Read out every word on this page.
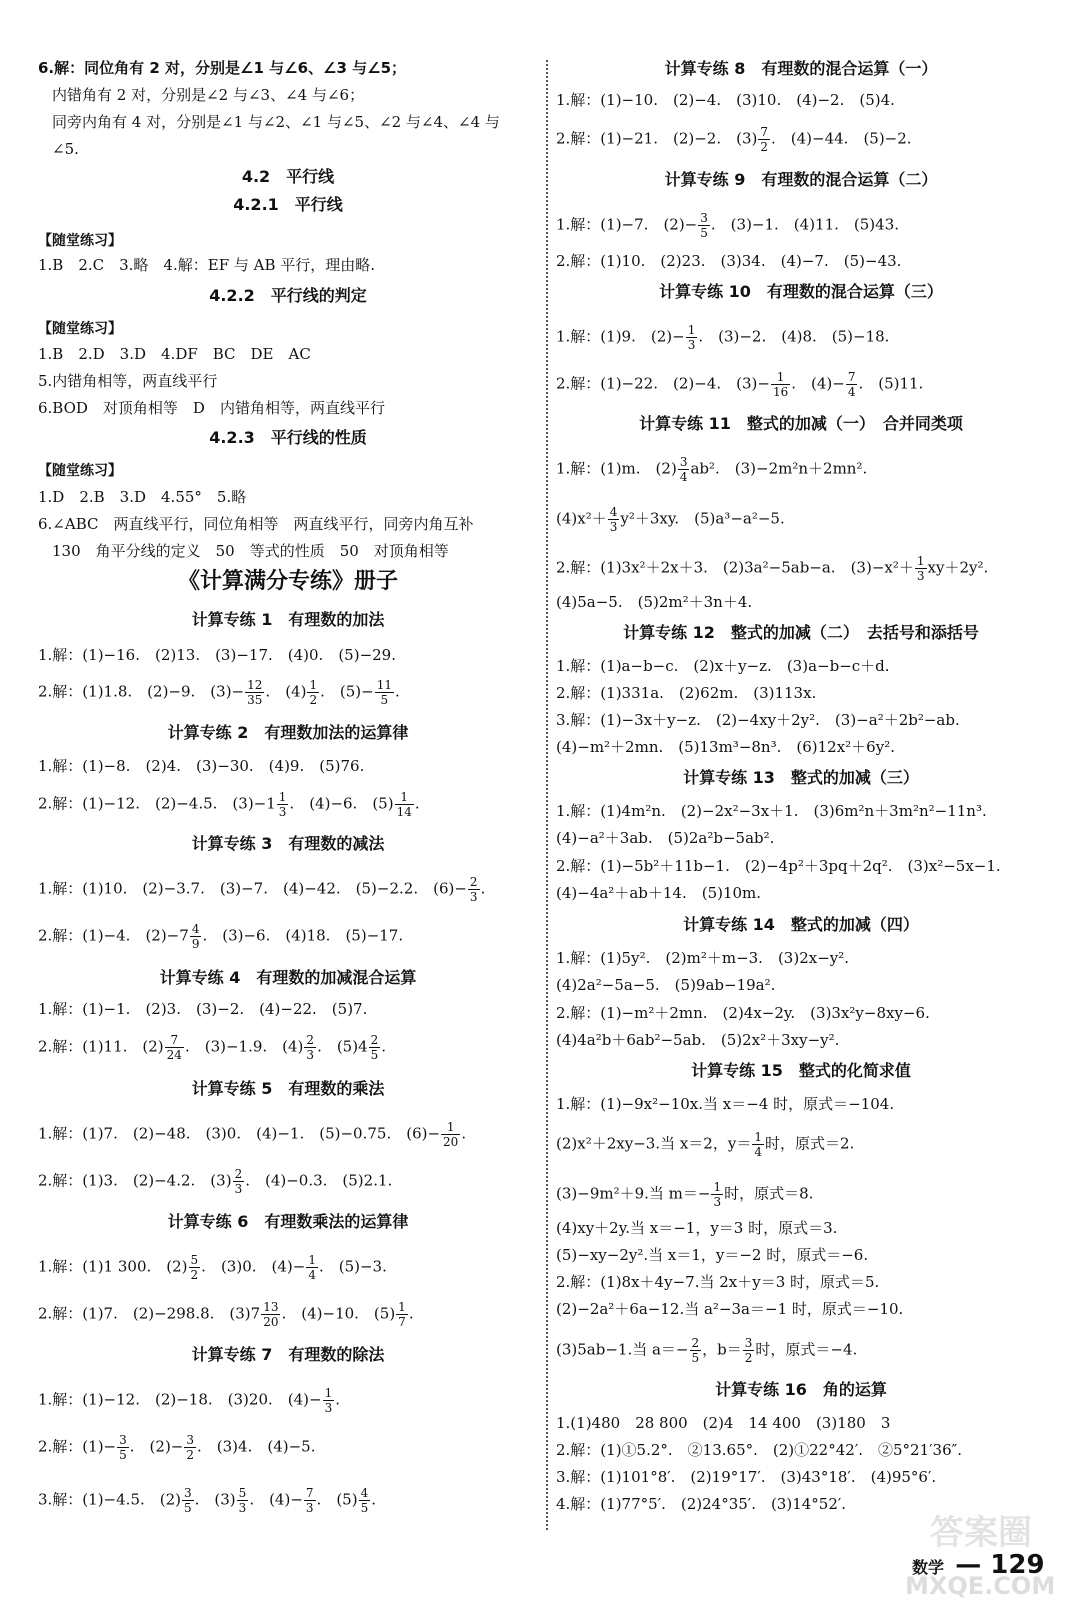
6.解：同位角有 2 对，分别是∠1 与∠6、∠3 与∠5；
内错角有 2 对，分别是∠2 与∠3、∠4 与∠6；
同旁内角有 4 对，分别是∠1 与∠2、∠1 与∠5、∠2 与∠4、∠4 与
∠5.
4.2　平行线
4.2.1　平行线
【随堂练习】
1.B　2.C　3.略　4.解：EF 与 AB 平行，理由略.
4.2.2　平行线的判定
【随堂练习】
1.B　2.D　3.D　4.DF　BC　DE　AC
5.内错角相等，两直线平行
6.BOD　对顶角相等　D　内错角相等，两直线平行
4.2.3　平行线的性质
【随堂练习】
1.D　2.B　3.D　4.55°　5.略
6.∠ABC　两直线平行，同位角相等　两直线平行，同旁内角互补
130　角平分线的定义　50　等式的性质　50　对顶角相等
《计算满分专练》册子
计算专练 1　有理数的加法
1.解：(1)−16.　(2)13.　(3)−17.　(4)0.　(5)−29.
2.解：(1)1.8.　(2)−9.　$(3)- \frac{12}{35}$ .　$(4) \frac{1}{2}$ .　$(5)- \frac{11}{5}$ .
计算专练 2　有理数加法的运算律
1.解：(1)−8.　(2)4.　(3)−30.　(4)9.　(5)76.
2.解：(1)−12.　(2)−4.5.　$(3)-1 \frac{1}{3}$ .　(4)−6.　$(5) \frac{1}{14}$ .
计算专练 3　有理数的减法
1.解：(1)10.　(2)−3.7.　(3)−7.　(4)−42.　(5)−2.2.　$(6)- \frac{2}{3}$ .
2.解：(1)−4.　$(2)-7 \frac{4}{9}$ .　(3)−6.　(4)18.　(5)−17.
计算专练 4　有理数的加减混合运算
1.解：(1)−1.　(2)3.　(3)−2.　(4)−22.　(5)7.
2.解：(1)11.　$(2) \frac{7}{24}$ .　(3)−1.9.　$(4) \frac{2}{3}$ .　$(5)4 \frac{2}{5}$ .
计算专练 5　有理数的乘法
1.解：(1)7.　(2)−48.　(3)0.　(4)−1.　(5)−0.75.　$(6)- \frac{1}{20}$ .
2.解：(1)3.　(2)−4.2.　$(3) \frac{2}{3}$ .　(4)−0.3.　(5)2.1.
计算专练 6　有理数乘法的运算律
1.解：(1)1 300.　$(2) \frac{5}{2}$ .　(3)0.　$(4)- \frac{1}{4}$ .　(5)−3.
2.解：(1)7.　(2)−298.8.　$(3)7 \frac{13}{20}$ .　(4)−10.　$(5) \frac{1}{7}$ .
计算专练 7　有理数的除法
1.解：(1)−12.　(2)−18.　(3)20.　$(4)- \frac{1}{3}$ .
2.解：$(1)- \frac{3}{5}$ .　$(2)- \frac{3}{2}$ .　(3)4.　(4)−5.
3.解：(1)−4.5.　$(2) \frac{3}{5}$ .　$(3) \frac{5}{3}$ .　$(4)- \frac{7}{3}$ .　$(5) \frac{4}{5}$ .
计算专练 8　有理数的混合运算（一）
1.解：(1)−10.　(2)−4.　(3)10.　(4)−2.　(5)4.
2.解：(1)−21.　(2)−2.　$(3) \frac{7}{2}$ .　(4)−44.　(5)−2.
计算专练 9　有理数的混合运算（二）
1.解：(1)−7.　$(2)- \frac{3}{5}$ .　(3)−1.　(4)11.　(5)43.
2.解：(1)10.　(2)23.　(3)34.　(4)−7.　(5)−43.
计算专练 10　有理数的混合运算（三）
1.解：(1)9.　$(2)- \frac{1}{3}$ .　(3)−2.　(4)8.　(5)−18.
2.解：(1)−22.　(2)−4.　$(3)- \frac{1}{16}$ .　$(4)- \frac{7}{4}$ .　(5)11.
计算专练 11　整式的加减（一）　合并同类项
1.解：(1)m.　$(2) \frac{3}{4} ab^2$.　(3)−2m²n＋2mn².
$(4)x^2+ \frac{4}{3} y^2+3xy$.　(5)a³−a²−5.
2.解：(1)3x²＋2x＋3.　(2)3a²−5ab−a.　$(3)-x^2+ \frac{1}{3} xy+2y^2$.
(4)5a−5.　(5)2m²＋3n＋4.
计算专练 12　整式的加减（二）　去括号和添括号
1.解：(1)a−b−c.　(2)x＋y−z.　(3)a−b−c＋d.
2.解：(1)331a.　(2)62m.　(3)113x.
3.解：(1)−3x＋y−z.　(2)−4xy＋2y².　(3)−a²＋2b²−ab.
(4)−m²＋2mn.　(5)13m³−8n³.　(6)12x²＋6y².
计算专练 13　整式的加减（三）
1.解：(1)4m²n.　(2)−2x²−3x＋1.　(3)6m²n＋3m²n²−11n³.
(4)−a²＋3ab.　(5)2a²b−5ab².
2.解：(1)−5b²＋11b−1.　(2)−4p²＋3pq＋2q².　(3)x²−5x−1.
(4)−4a²＋ab＋14.　(5)10m.
计算专练 14　整式的加减（四）
1.解：(1)5y².　(2)m²＋m−3.　(3)2x−y².
(4)2a²−5a−5.　(5)9ab−19a².
2.解：(1)−m²＋2mn.　(2)4x−2y.　(3)3x²y−8xy−6.
(4)4a²b＋6ab²−5ab.　(5)2x²＋3xy−y².
计算专练 15　整式的化简求值
1.解：(1)−9x²−10x.当 x＝−4 时，原式＝−104.
(2)x²＋2xy−3.当 x＝2，$y= \frac{1}{4}$ 时，原式＝2.
(3)−9m²＋9.当 $m=- \frac{1}{3}$ 时，原式＝8.
(4)xy＋2y.当 x＝−1，y＝3 时，原式＝3.
(5)−xy−2y².当 x＝1，y＝−2 时，原式＝−6.
2.解：(1)8x＋4y−7.当 2x＋y＝3 时，原式＝5.
(2)−2a²＋6a−12.当 a²−3a＝−1 时，原式＝−10.
(3)5ab−1.当 $a=- \frac{2}{5}$ ，$b= \frac{3}{2}$ 时，原式＝−4.
计算专练 16　角的运算
1.(1)480　28 800　(2)4　14 400　(3)180　3
2.解：(1)①5.2°.　②13.65°.　(2)①22°42′.　②5°21′36″.
3.解：(1)101°8′.　(2)19°17′.　(3)43°18′.　(4)95°6′.
4.解：(1)77°5′.　(2)24°35′.　(3)14°52′.
答案圈
MXQE.COM
数学 — 129
